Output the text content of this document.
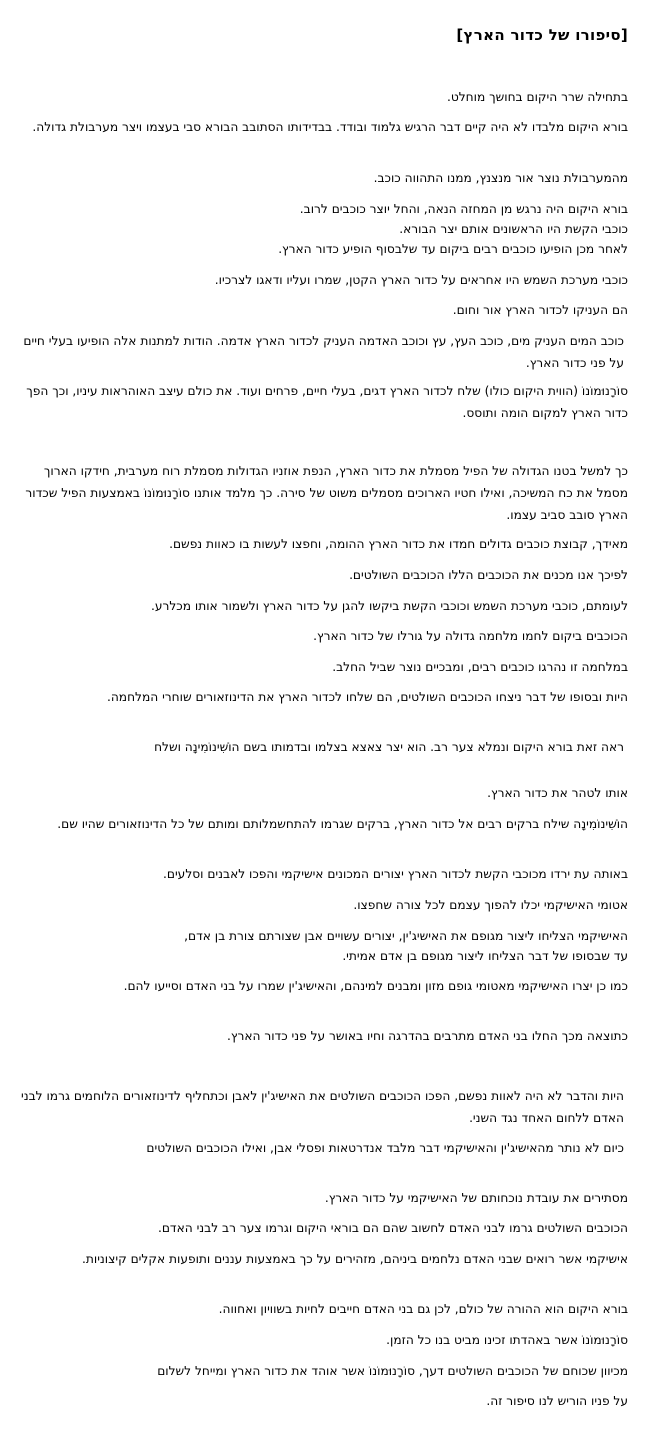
[סיפורו של כדור הארץ]
בתחילה שרר היקום בחושך מוחלט.
בורא היקום מלבדו לא היה קיים דבר הרגיש גלמוד ובודד. בבדידותו הסתובב הבורא סבי בעצמו ויצר מערבולת גדולה.
מהמערבולת נוצר אור מנצנץ, ממנו התהווה כוכב.
בורא היקום היה נרגש מן המחזה הנאה, והחל יוצר כוכבים לרוב.
כוכבי הקשת היו הראשונים אותם יצר הבורא.
לאחר מכן הופיעו כוכבים רבים ביקום עד שלבסוף הופיע כדור הארץ.
כוכבי מערכת השמש היו אחראים על כדור הארץ הקטן, שמרו ועליו ודאגו לצרכיו.
הם העניקו לכדור הארץ אור וחום.
כוכב המים העניק מים, כוכב העץ, עץ וכוכב האדמה העניק לכדור הארץ אדמה. הודות למתנות אלה הופיעו בעלי חיים על פני כדור הארץ.
סוֹרָנוּמוֹנוֹ (הווית היקום כולו) שלח לכדור הארץ דגים, בעלי חיים, פרחים ועוד. את כולם עיצב האוהראות עיניו, וכך הפך כדור הארץ למקום הומה ותוסס.
כך למשל בטנו הגדולה של הפיל מסמלת את כדור הארץ, הנפת אוזניו הגדולות מסמלת רוח מערבית, חידקו הארוך מסמל את כח המשיכה, ואילו חטיו הארוכים מסמלים משוט של סירה. כך מלמד אותנו סוֹרָנוּמוֹנוֹ באמצעות הפיל שכדור הארץ סובב סביב עצמו.
מאידך, קבוצת כוכבים גדולים חמדו את כדור הארץ ההומה, וחפצו לעשות בו כאוות נפשם.
לפיכך אנו מכנים את הכוכבים הללו הכוכבים השולטים.
לעומתם, כוכבי מערכת השמש וכוכבי הקשת ביקשו להגן על כדור הארץ ולשמור אותו מכלרע.
הכוכבים ביקום לחמו מלחמה גדולה על גורלו של כדור הארץ.
במלחמה זו נהרגו כוכבים רבים, ומבכיים נוצר שביל החלב.
היות ובסופו של דבר ניצחו הכוכבים השולטים, הם שלחו לכדור הארץ את הדינוזאורים שוחרי המלחמה.
ראה זאת בורא היקום ונמלא צער רב. הוא יצר צאצא בצלמו ובדמותו בשם הוֹשִׁינוֹמִינָה ושלח
אותו לטהר את כדור הארץ.
הוֹשִׁינוֹמִינָה שילח ברקים רבים אל כדור הארץ, ברקים שגרמו להתחשמלותם ומותם של כל הדינוזאורים שהיו שם.
באותה עת ירדו מכוכבי הקשת לכדור הארץ יצורים המכונים אישיקמי והפכו לאבנים וסלעים.
אטומי האישיקמי יכלו להפוך עצמם לכל צורה שחפצו.
האישיקמי הצליחו ליצור מגופם את האישיג'ין, יצורים עשויים אבן שצורתם צורת בן אדם,
עד שבסופו של דבר הצליחו ליצור מגופם בן אדם אמיתי.
כמו כן יצרו האישיקמי מאטומי גופם מזון ומבנים למינהם, והאישיג'ין שמרו על בני האדם וסייעו להם.
כתוצאה מכך החלו בני האדם מתרבים בהדרגה וחיו באושר על פני כדור הארץ.
היות והדבר לא היה לאוות נפשם, הפכו הכוכבים השולטים את האישיג'ין לאבן וכתחליף לדינוזאורים הלוחמים גרמו לבני האדם ללחום האחד נגד השני.
כיום לא נותר מהאישיג'ין והאישיקמי דבר מלבד אנדרטאות ופסלי אבן, ואילו הכוכבים השולטים
מסתירים את עובדת נוכחותם של האישיקמי על כדור הארץ.
הכוכבים השולטים גרמו לבני האדם לחשוב שהם הם בוראי היקום וגרמו צער רב לבני האדם.
אישיקמי אשר רואים שבני האדם נלחמים ביניהם, מזהירים על כך באמצעות עננים ותופעות אקלים קיצוניות.
בורא היקום הוא ההורה של כולם, לכן גם בני האדם חייבים לחיות בשוויון ואחווה.
סוֹרָנוּמוֹנוֹ אשר באהדתו זכינו מביט בנו כל הזמן.
מכיוון שכוחם של הכוכבים השולטים דעך, סוֹרָנוּמוֹנוֹ אשר אוהד את כדור הארץ ומייחל לשלום
על פניו הוריש לנו סיפור זה.
